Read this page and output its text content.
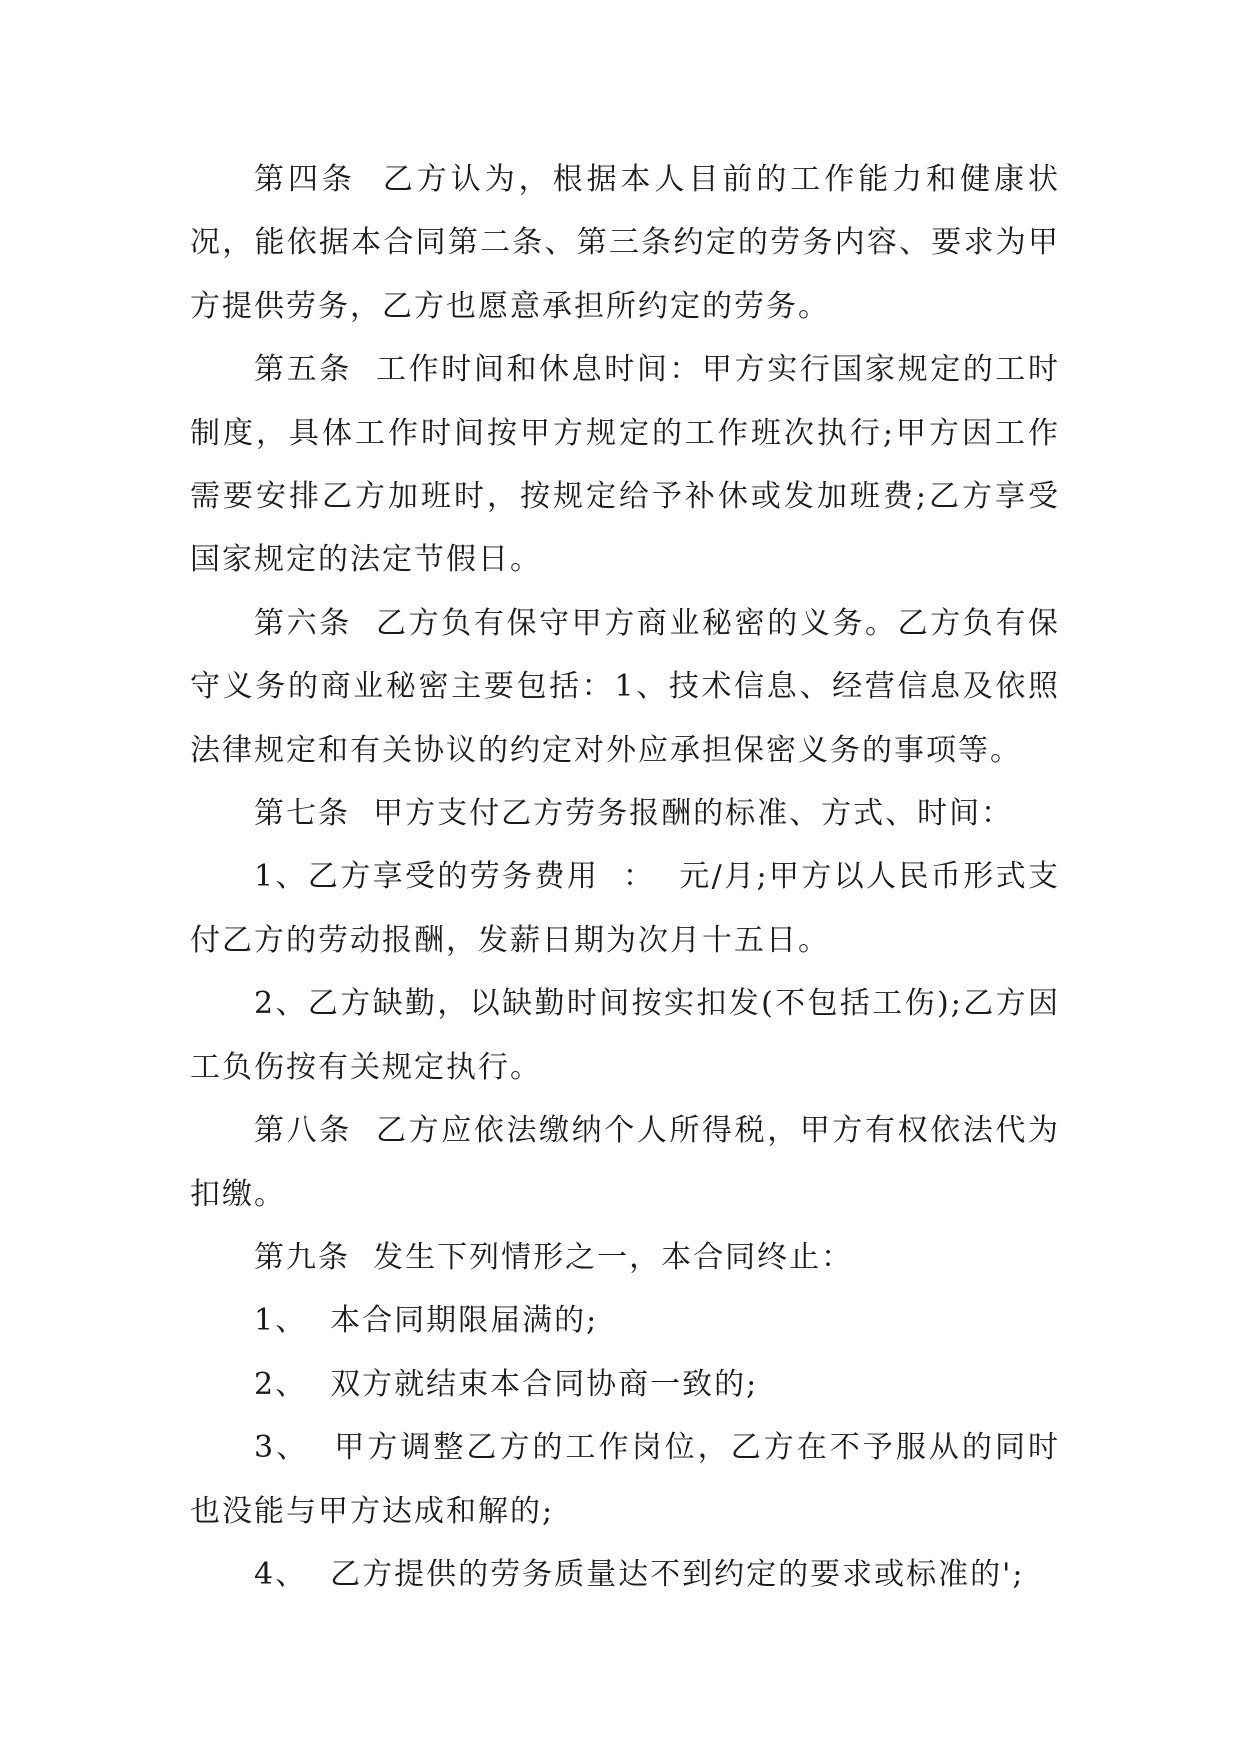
第四条  乙方认为，根据本人目前的工作能力和健康状况，能依据本合同第二条、第三条约定的劳务内容、要求为甲方提供劳务，乙方也愿意承担所约定的劳务。

第五条  工作时间和休息时间：甲方实行国家规定的工时制度，具体工作时间按甲方规定的工作班次执行;甲方因工作需要安排乙方加班时，按规定给予补休或发加班费;乙方享受国家规定的法定节假日。

第六条  乙方负有保守甲方商业秘密的义务。乙方负有保守义务的商业秘密主要包括：1、技术信息、经营信息及依照法律规定和有关协议的约定对外应承担保密义务的事项等。

第七条  甲方支付乙方劳务报酬的标准、方式、时间：

1、乙方享受的劳务费用  ：  元/月;甲方以人民币形式支付乙方的劳动报酬，发薪日期为次月十五日。

2、乙方缺勤，以缺勤时间按实扣发(不包括工伤);乙方因工负伤按有关规定执行。

第八条  乙方应依法缴纳个人所得税，甲方有权依法代为扣缴。

第九条  发生下列情形之一，本合同终止：

1、  本合同期限届满的;

2、  双方就结束本合同协商一致的;

3、  甲方调整乙方的工作岗位，乙方在不予服从的同时也没能与甲方达成和解的;

4、  乙方提供的劳务质量达不到约定的要求或标准的';
